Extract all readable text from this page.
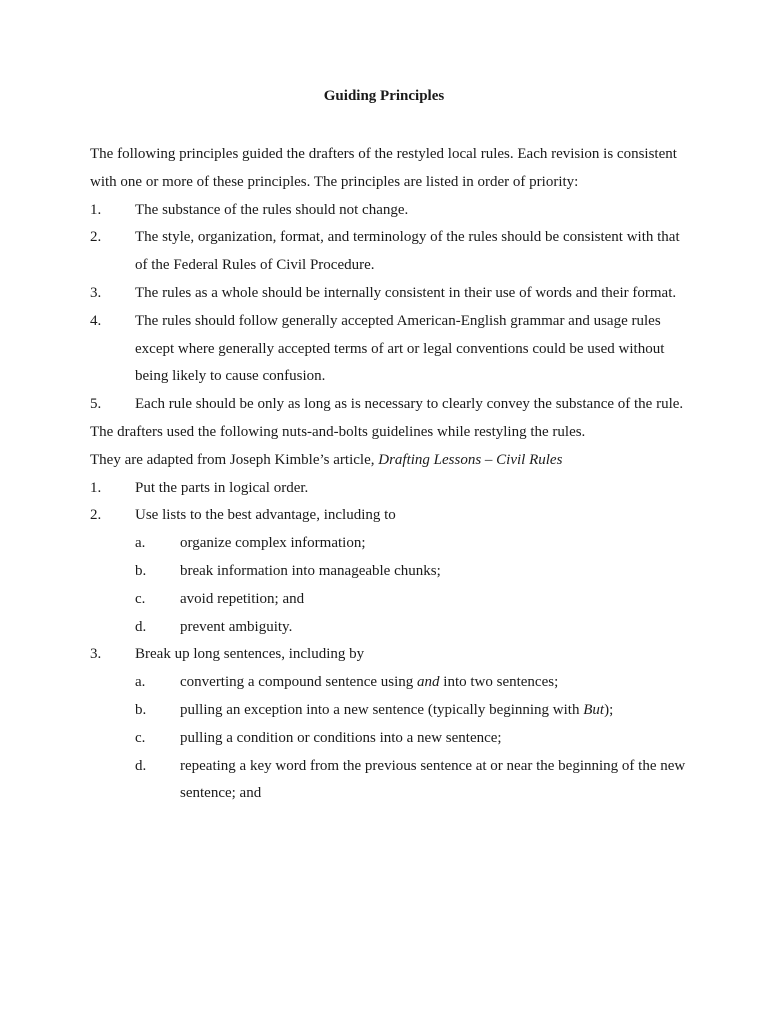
Guiding Principles

The following principles guided the drafters of the restyled local rules. Each revision is consistent with one or more of these principles. The principles are listed in order of priority:

1.	The substance of the rules should not change.
2.	The style, organization, format, and terminology of the rules should be consistent with that of the Federal Rules of Civil Procedure.
3.	The rules as a whole should be internally consistent in their use of words and their format.
4.	The rules should follow generally accepted American-English grammar and usage rules except where generally accepted terms of art or legal conventions could be used without being likely to cause confusion.
5.	Each rule should be only as long as is necessary to clearly convey the substance of the rule.

The drafters used the following nuts-and-bolts guidelines while restyling the rules.

They are adapted from Joseph Kimble’s article, Drafting Lessons – Civil Rules

1.	Put the parts in logical order.
2.	Use lists to the best advantage, including to
a.	organize complex information;
b.	break information into manageable chunks;
c.	avoid repetition; and
d.	prevent ambiguity.
3.	Break up long sentences, including by
a.	converting a compound sentence using and into two sentences;
b.	pulling an exception into a new sentence (typically beginning with But);
c.	pulling a condition or conditions into a new sentence;
d.	repeating a key word from the previous sentence at or near the beginning of the new sentence; and
